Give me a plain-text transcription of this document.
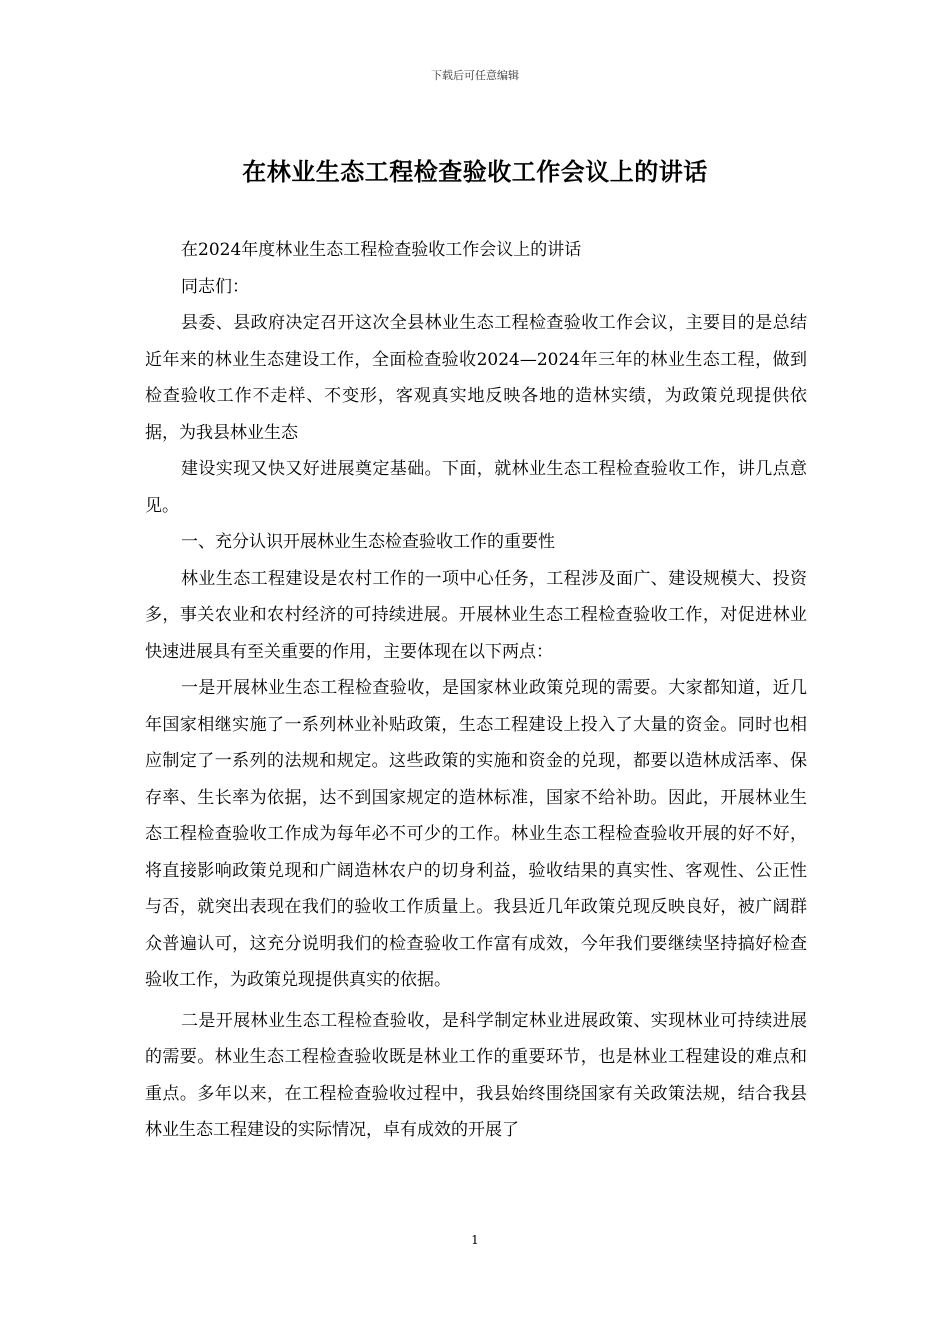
下载后可任意编辑
在林业生态工程检查验收工作会议上的讲话

在2024年度林业生态工程检查验收工作会议上的讲话

同志们：

县委、县政府决定召开这次全县林业生态工程检查验收工作会议，主要目的是总结近年来的林业生态建设工作，全面检查验收2024—2024年三年的林业生态工程，做到检查验收工作不走样、不变形，客观真实地反映各地的造林实绩，为政策兑现提供依据，为我县林业生态

建设实现又快又好进展奠定基础。下面，就林业生态工程检查验收工作，讲几点意见。

一、充分认识开展林业生态检查验收工作的重要性

林业生态工程建设是农村工作的一项中心任务，工程涉及面广、建设规模大、投资多，事关农业和农村经济的可持续进展。开展林业生态工程检查验收工作，对促进林业快速进展具有至关重要的作用，主要体现在以下两点：

一是开展林业生态工程检查验收，是国家林业政策兑现的需要。大家都知道，近几年国家相继实施了一系列林业补贴政策，生态工程建设上投入了大量的资金。同时也相应制定了一系列的法规和规定。这些政策的实施和资金的兑现，都要以造林成活率、保存率、生长率为依据，达不到国家规定的造林标准，国家不给补助。因此，开展林业生态工程检查验收工作成为每年必不可少的工作。林业生态工程检查验收开展的好不好，将直接影响政策兑现和广阔造林农户的切身利益，验收结果的真实性、客观性、公正性与否，就突出表现在我们的验收工作质量上。我县近几年政策兑现反映良好，被广阔群众普遍认可，这充分说明我们的检查验收工作富有成效，今年我们要继续坚持搞好检查验收工作，为政策兑现提供真实的依据。

二是开展林业生态工程检查验收，是科学制定林业进展政策、实现林业可持续进展的需要。林业生态工程检查验收既是林业工作的重要环节，也是林业工程建设的难点和重点。多年以来，在工程检查验收过程中，我县始终围绕国家有关政策法规，结合我县林业生态工程建设的实际情况，卓有成效的开展了

1
